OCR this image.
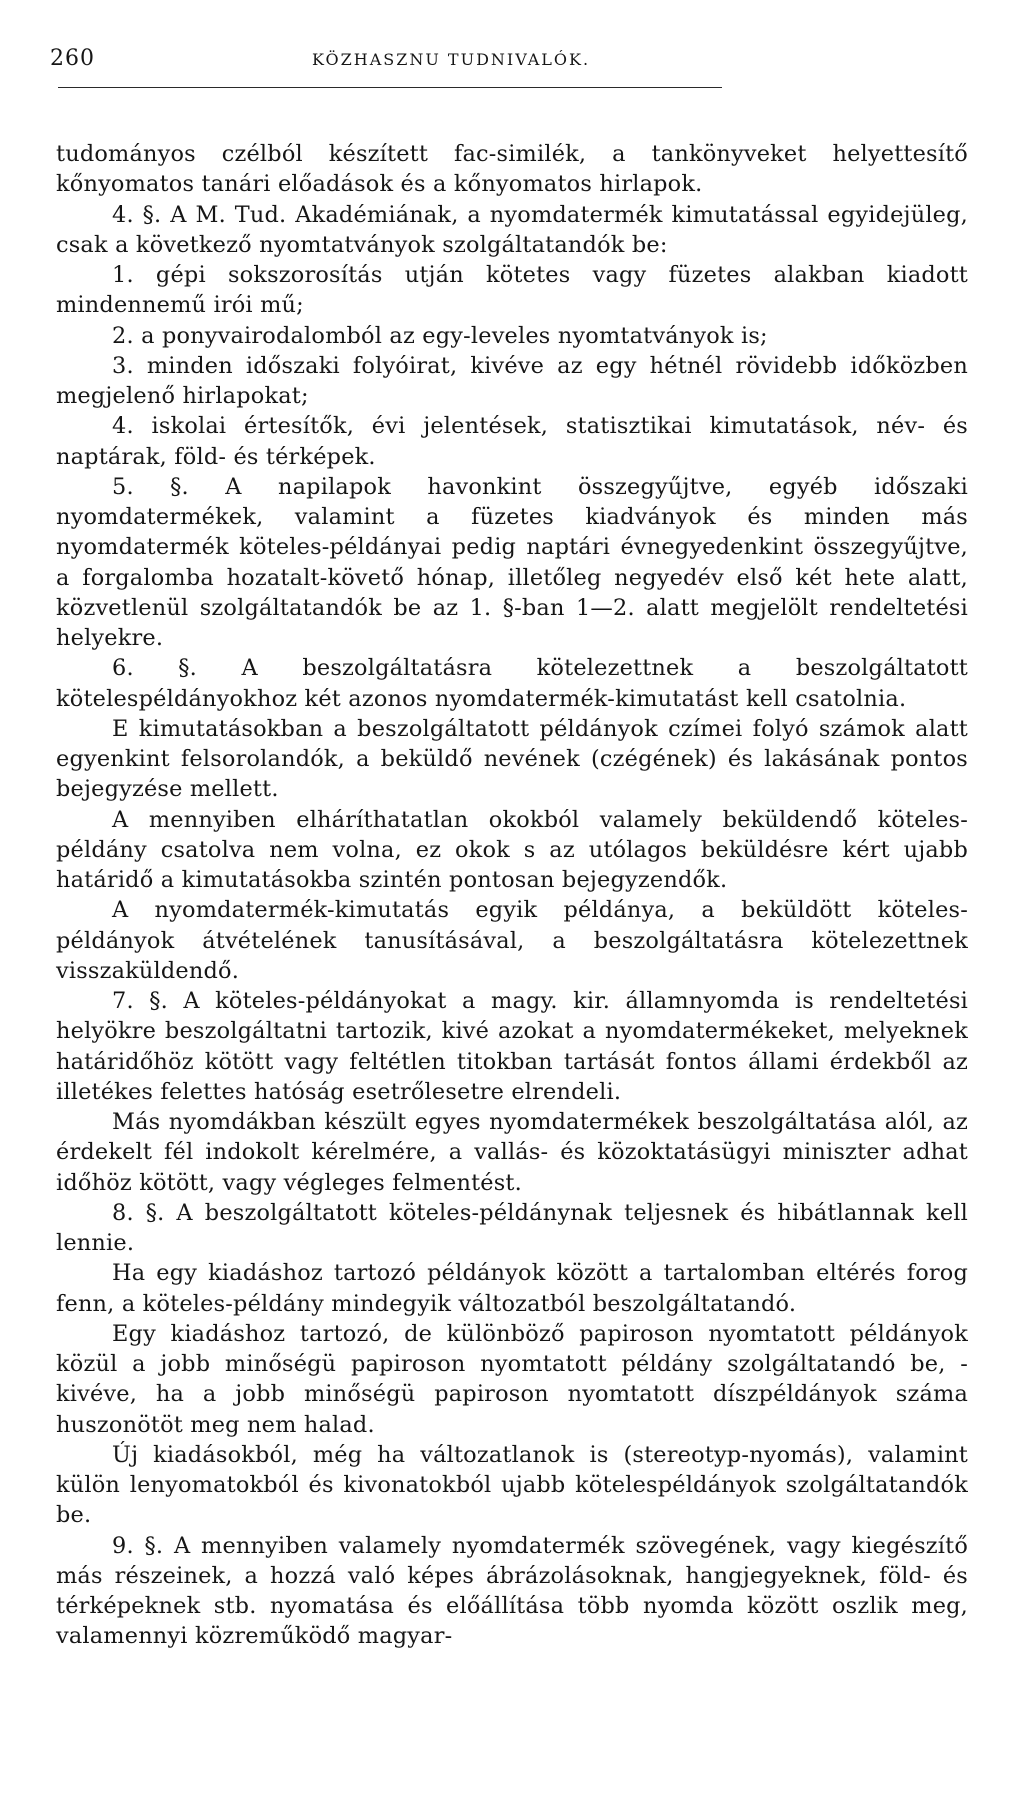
260	KÖZHASZNU TUDNIVALÓK.

tudományos czélból készített fac-similék, a tankönyveket helyettesítő kőnyomatos tanári előadások és a kőnyomatos hirlapok.

4. §. A M. Tud. Akadémiának, a nyomdatermék kimutatással egyidejüleg, csak a következő nyomtatványok szolgáltatandók be:

1. gépi sokszorosítás utján kötetes vagy füzetes alakban kiadott mindennemű irói mű;

2. a ponyvairodalomból az egy-leveles nyomtatványok is;

3. minden időszaki folyóirat, kivéve az egy hétnél rövidebb időközben megjelenő hirlapokat;

4. iskolai értesítők, évi jelentések, statisztikai kimutatások, név- és naptárak, föld- és térképek.

5. §. A napilapok havonkint összegyűjtve, egyéb időszaki nyomdatermékek, valamint a füzetes kiadványok és minden más nyomdatermék köteles-példányai pedig naptári évnegyedenkint összegyűjtve, a forgalomba hozatalt-követő hónap, illetőleg negyedév első két hete alatt, közvetlenül szolgáltatandók be az 1. §-ban 1—2. alatt megjelölt rendeltetési helyekre.

6. §. A beszolgáltatásra kötelezettnek a beszolgáltatott kötelespéldányokhoz két azonos nyomdatermék-kimutatást kell csatolnia.

E kimutatásokban a beszolgáltatott példányok czímei folyó számok alatt egyenkint felsorolandók, a beküldő nevének (czégének) és lakásának pontos bejegyzése mellett.

A mennyiben elháríthatatlan okokból valamely beküldendő köteles-példány csatolva nem volna, ez okok s az utólagos beküldésre kért ujabb határidő a kimutatásokba szintén pontosan bejegyzendők.

A nyomdatermék-kimutatás egyik példánya, a beküldött köteles-példányok átvételének tanusításával, a beszolgáltatásra kötelezettnek visszaküldendő.

7. §. A köteles-példányokat a magy. kir. államnyomda is rendeltetési helyökre beszolgáltatni tartozik, kivé azokat a nyomdatermékeket, melyeknek határidőhöz kötött vagy feltétlen titokban tartását fontos állami érdekből az illetékes felettes hatóság esetrőlesetre elrendeli.

Más nyomdákban készült egyes nyomdatermékek beszolgáltatása alól, az érdekelt fél indokolt kérelmére, a vallás- és közoktatásügyi miniszter adhat időhöz kötött, vagy végleges felmentést.

8. §. A beszolgáltatott köteles-példánynak teljesnek és hibátlannak kell lennie.

Ha egy kiadáshoz tartozó példányok között a tartalomban eltérés forog fenn, a köteles-példány mindegyik változatból beszolgáltatandó.

Egy kiadáshoz tartozó, de különböző papiroson nyomtatott példányok közül a jobb minőségü papiroson nyomtatott példány szolgáltatandó be, -kivéve, ha a jobb minőségü papiroson nyomtatott díszpéldányok száma huszonötöt meg nem halad.

Új kiadásokból, még ha változatlanok is (stereotyp-nyomás), valamint külön lenyomatokból és kivonatokból ujabb kötelespéldányok szolgáltatandók be.

9. §. A mennyiben valamely nyomdatermék szövegének, vagy kiegészítő más részeinek, a hozzá való képes ábrázolásoknak, hangjegyeknek, föld- és térképeknek stb. nyomatása és előállítása több nyomda között oszlik meg, valamennyi közreműködő magyar-
